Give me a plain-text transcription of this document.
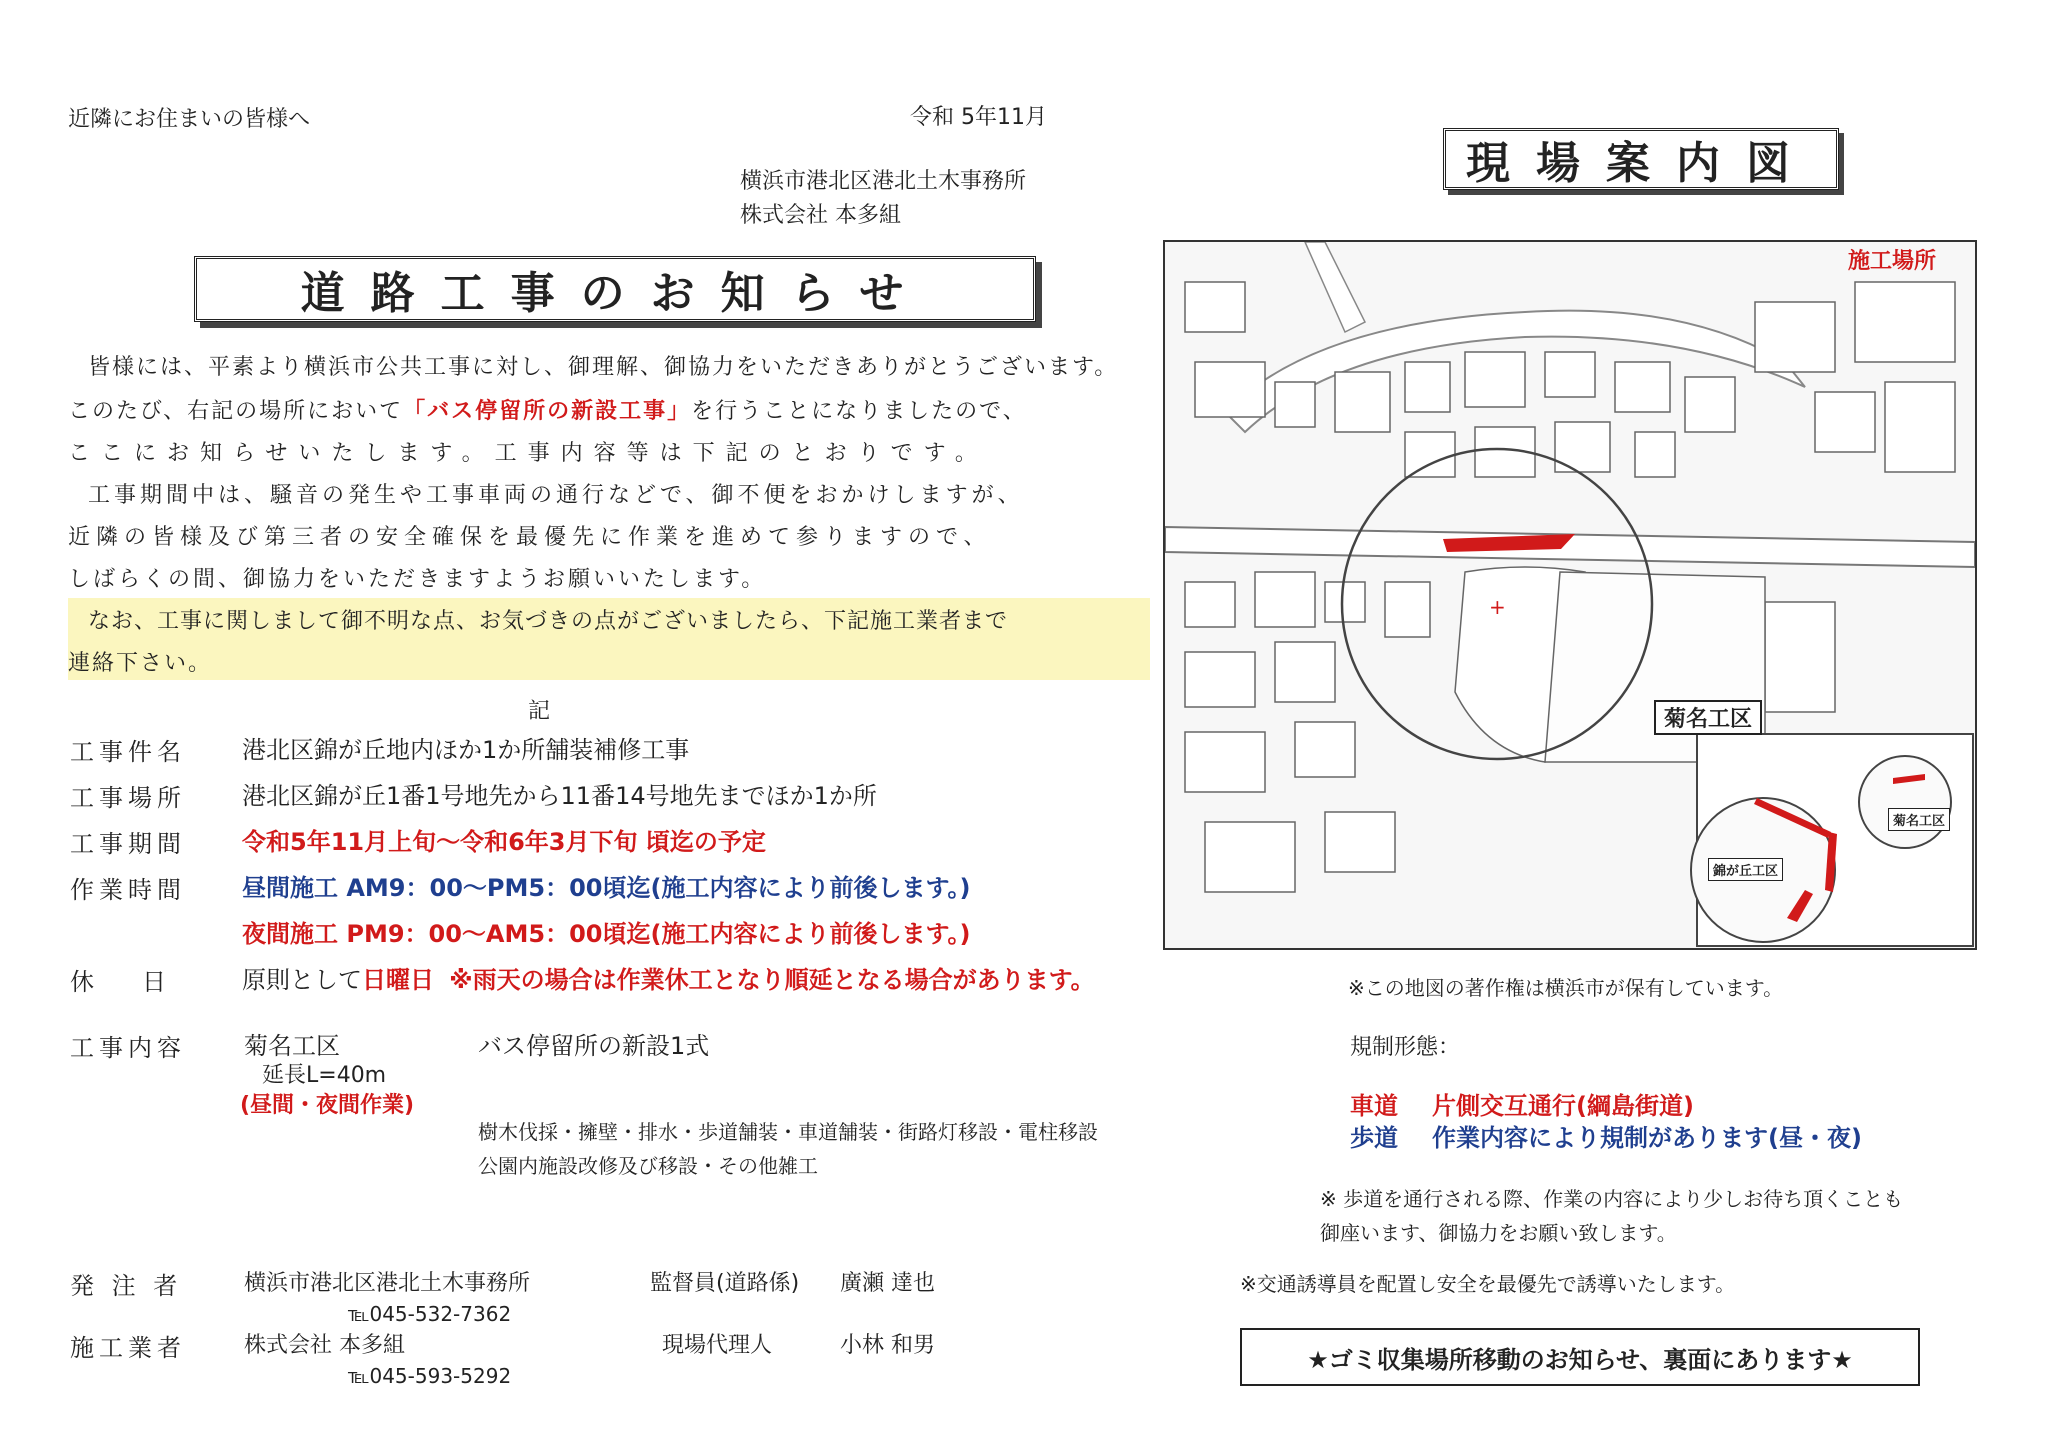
近隣にお住まいの皆様へ	令和 5年11月
横浜市港北区港北土木事務所
株式会社 本多組
道路工事のお知らせ
皆様には、平素より横浜市公共工事に対し、御理解、御協力をいただきありがとうございます。
このたび、右記の場所において「バス停留所の新設工事」を行うことになりましたので、
ここにお知らせいたします。工事内容等は下記のとおりです。
工事期間中は、騒音の発生や工事車両の通行などで、御不便をおかけしますが、
近隣の皆様及び第三者の安全確保を最優先に作業を進めて参りますので、
しばらくの間、御協力をいただきますようお願いいたします。
なお、工事に関しまして御不明な点、お気づきの点がございましたら、下記施工業者まで
連絡下さい。
記
工事件名 港北区錦が丘地内ほか1か所舗装補修工事
工事場所 港北区錦が丘1番1号地先から11番14号地先までほか1か所
工事期間 令和5年11月上旬～令和6年3月下旬 頃迄の予定
作業時間 昼間施工 AM9：00～PM5：00頃迄(施工内容により前後します。)
夜間施工 PM9：00～AM5：00頃迄(施工内容により前後します。)
休　　日	原則として日曜日 ※雨天の場合は作業休工となり順延となる場合があります。
工事内容 菊名工区
延長L=40m
(昼間・夜間作業)
バス停留所の新設1式
樹木伐採・擁壁・排水・歩道舗装・車道舗装・街路灯移設・電柱移設
公園内施設改修及び移設・その他雑工
発 注 者	横浜市港北区港北土木事務所
℡045-532-7362
監督員(道路係) 廣瀬 達也
施工業者	株式会社 本多組
℡045-593-5292
現場代理人	小林 和男
現場案内図
+
施工場所
菊名工区
錦が丘工区
菊名工区
※この地図の著作権は横浜市が保有しています。
規制形態：
車道 片側交互通行(綱島街道)
歩道 作業内容により規制があります(昼・夜)
※ 歩道を通行される際、作業の内容により少しお待ち頂くことも御座います、御協力をお願い致します。
※交通誘導員を配置し安全を最優先で誘導いたします。
★ゴミ収集場所移動のお知らせ、裏面にあります★
